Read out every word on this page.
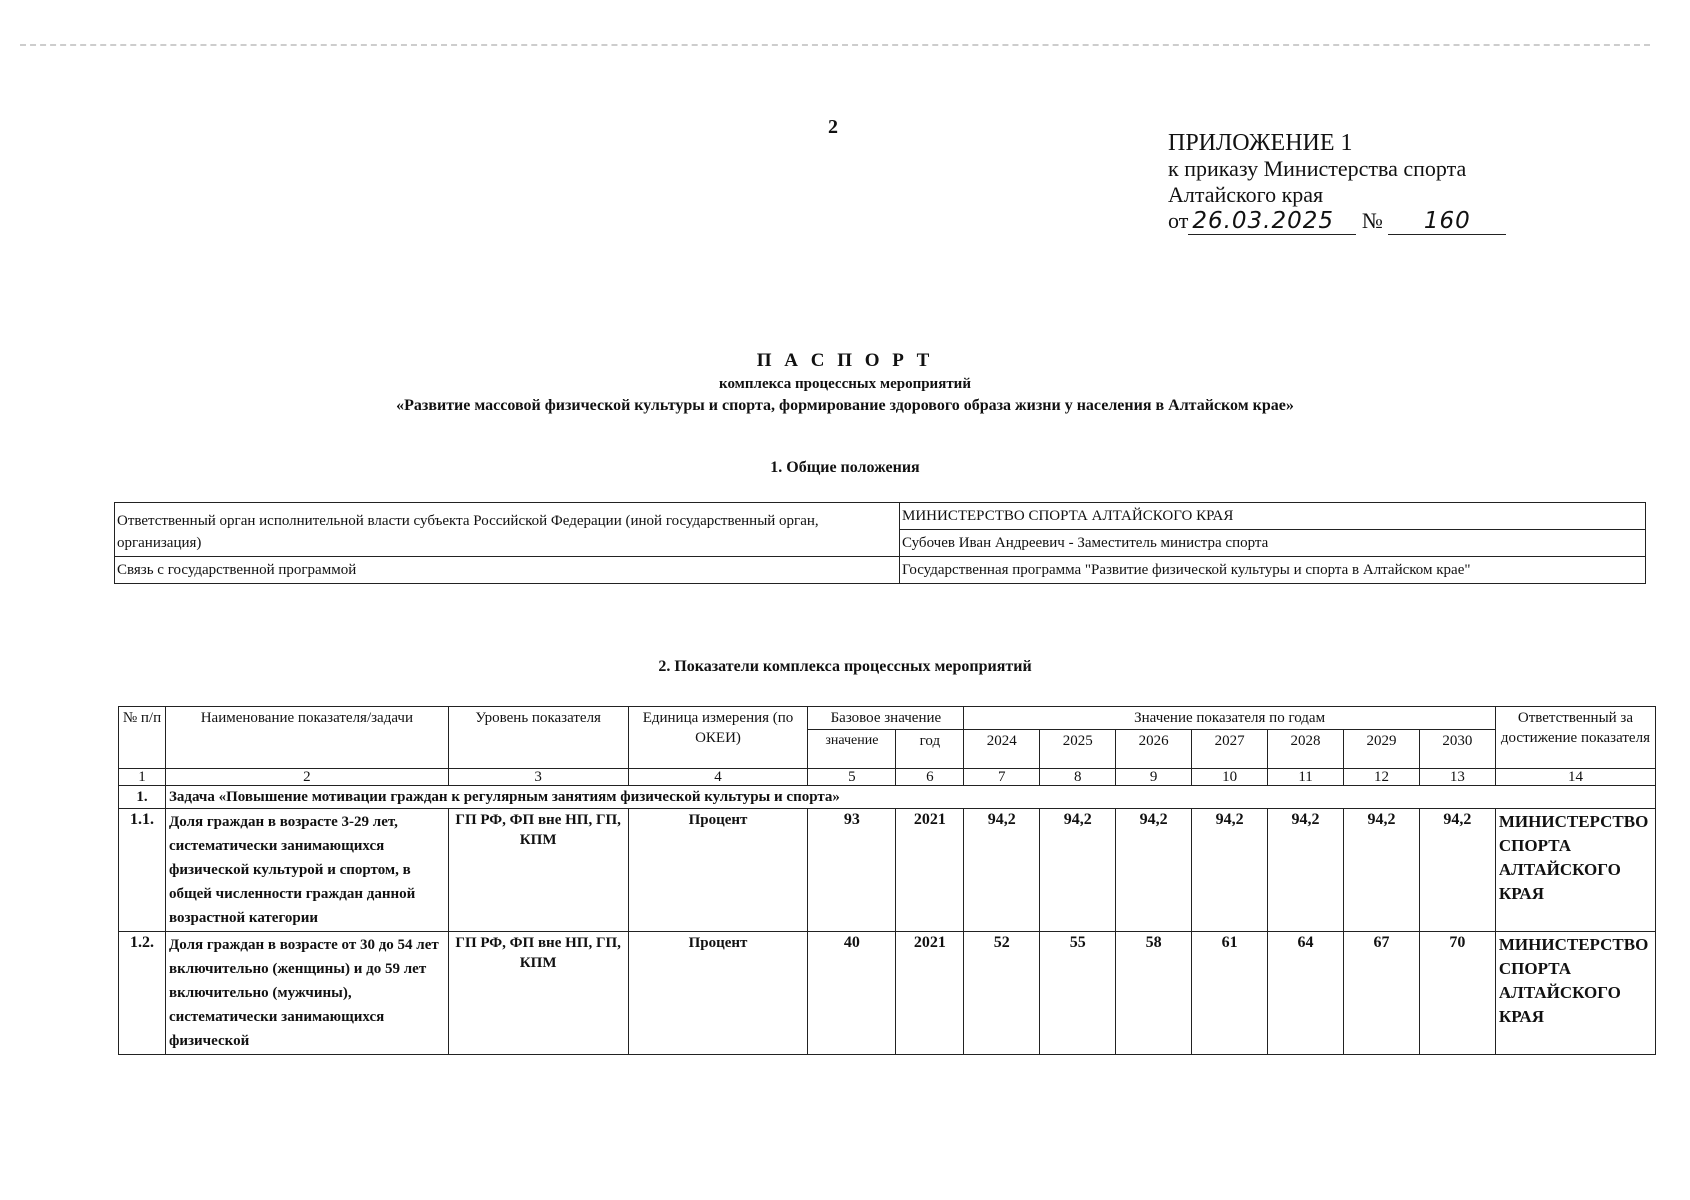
2
ПРИЛОЖЕНИЕ 1
к приказу Министерства спорта
Алтайского края
от 26.03.2025 № 160
П А С П О Р Т
комплекса процессных мероприятий
«Развитие массовой физической культуры и спорта, формирование здорового образа жизни у населения в Алтайском крае»
1. Общие положения
Ответственный орган исполнительной власти субъекта Российской Федерации (иной государственный орган, организация)	МИНИСТЕРСТВО СПОРТА АЛТАЙСКОГО КРАЯ
	Субочев Иван Андреевич - Заместитель министра спорта
Связь с государственной программой	Государственная программа "Развитие физической культуры и спорта в Алтайском крае"
2. Показатели комплекса процессных мероприятий
№ п/п	Наименование показателя/задачи	Уровень показателя	Единица измерения (по ОКЕИ)	Базовое значение		Значение показателя по годам							Ответственный за достижение показателя
				значение	год	2024	2025	2026	2027	2028	2029	2030	
1	2	3	4	5	6	7	8	9	10	11	12	13	14
1.	Задача «Повышение мотивации граждан к регулярным занятиям физической культуры и спорта»												
1.1.	Доля граждан в возрасте 3-29 лет, систематически занимающихся физической культурой и спортом, в общей численности граждан данной возрастной категории	ГП РФ, ФП вне НП, ГП, КПМ	Процент	93	2021	94,2	94,2	94,2	94,2	94,2	94,2	94,2	МИНИСТЕРСТВО СПОРТА АЛТАЙСКОГО КРАЯ
1.2.	Доля граждан в возрасте от 30 до 54 лет включительно (женщины) и до 59 лет включительно (мужчины), систематически занимающихся физической	ГП РФ, ФП вне НП, ГП, КПМ	Процент	40	2021	52	55	58	61	64	67	70	МИНИСТЕРСТВО СПОРТА АЛТАЙСКОГО КРАЯ
